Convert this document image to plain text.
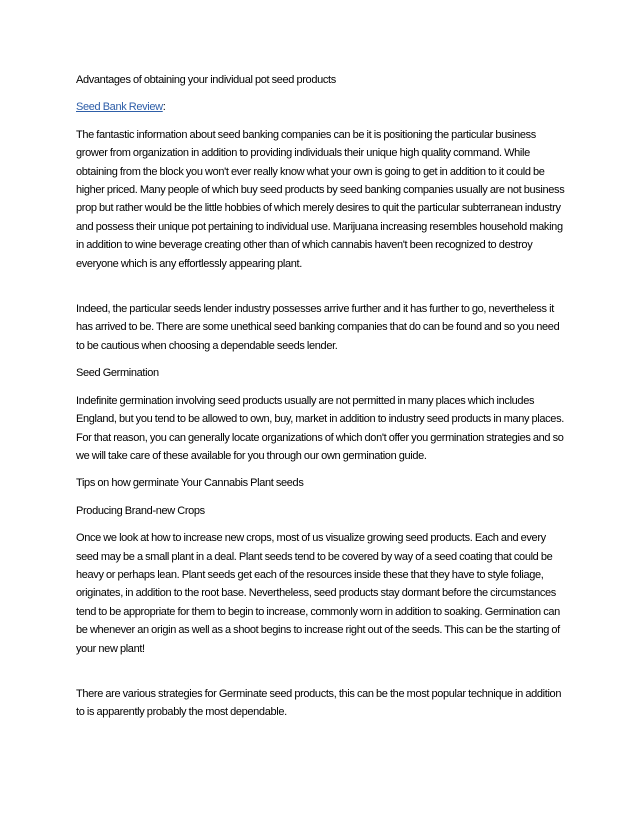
Advantages of obtaining your individual pot seed products

Seed Bank Review:

The fantastic information about seed banking companies can be it is positioning the particular business grower from organization in addition to providing individuals their unique high quality command. While obtaining from the block you won't ever really know what your own is going to get in addition to it could be higher priced. Many people of which buy seed products by seed banking companies usually are not business prop but rather would be the little hobbies of which merely desires to quit the particular subterranean industry and possess their unique pot pertaining to individual use. Marijuana increasing resembles household making in addition to wine beverage creating other than of which cannabis haven't been recognized to destroy everyone which is any effortlessly appearing plant.

Indeed, the particular seeds lender industry possesses arrive further and it has further to go, nevertheless it has arrived to be. There are some unethical seed banking companies that do can be found and so you need to be cautious when choosing a dependable seeds lender.

Seed Germination

Indefinite germination involving seed products usually are not permitted in many places which includes England, but you tend to be allowed to own, buy, market in addition to industry seed products in many places. For that reason, you can generally locate organizations of which don't offer you germination strategies and so we will take care of these available for you through our own germination guide.

Tips on how germinate Your Cannabis Plant seeds

Producing Brand-new Crops

Once we look at how to increase new crops, most of us visualize growing seed products. Each and every seed may be a small plant in a deal. Plant seeds tend to be covered by way of a seed coating that could be heavy or perhaps lean. Plant seeds get each of the resources inside these that they have to style foliage, originates, in addition to the root base. Nevertheless, seed products stay dormant before the circumstances tend to be appropriate for them to begin to increase, commonly worn in addition to soaking. Germination can be whenever an origin as well as a shoot begins to increase right out of the seeds. This can be the starting of your new plant!

There are various strategies for Germinate seed products, this can be the most popular technique in addition to is apparently probably the most dependable.
